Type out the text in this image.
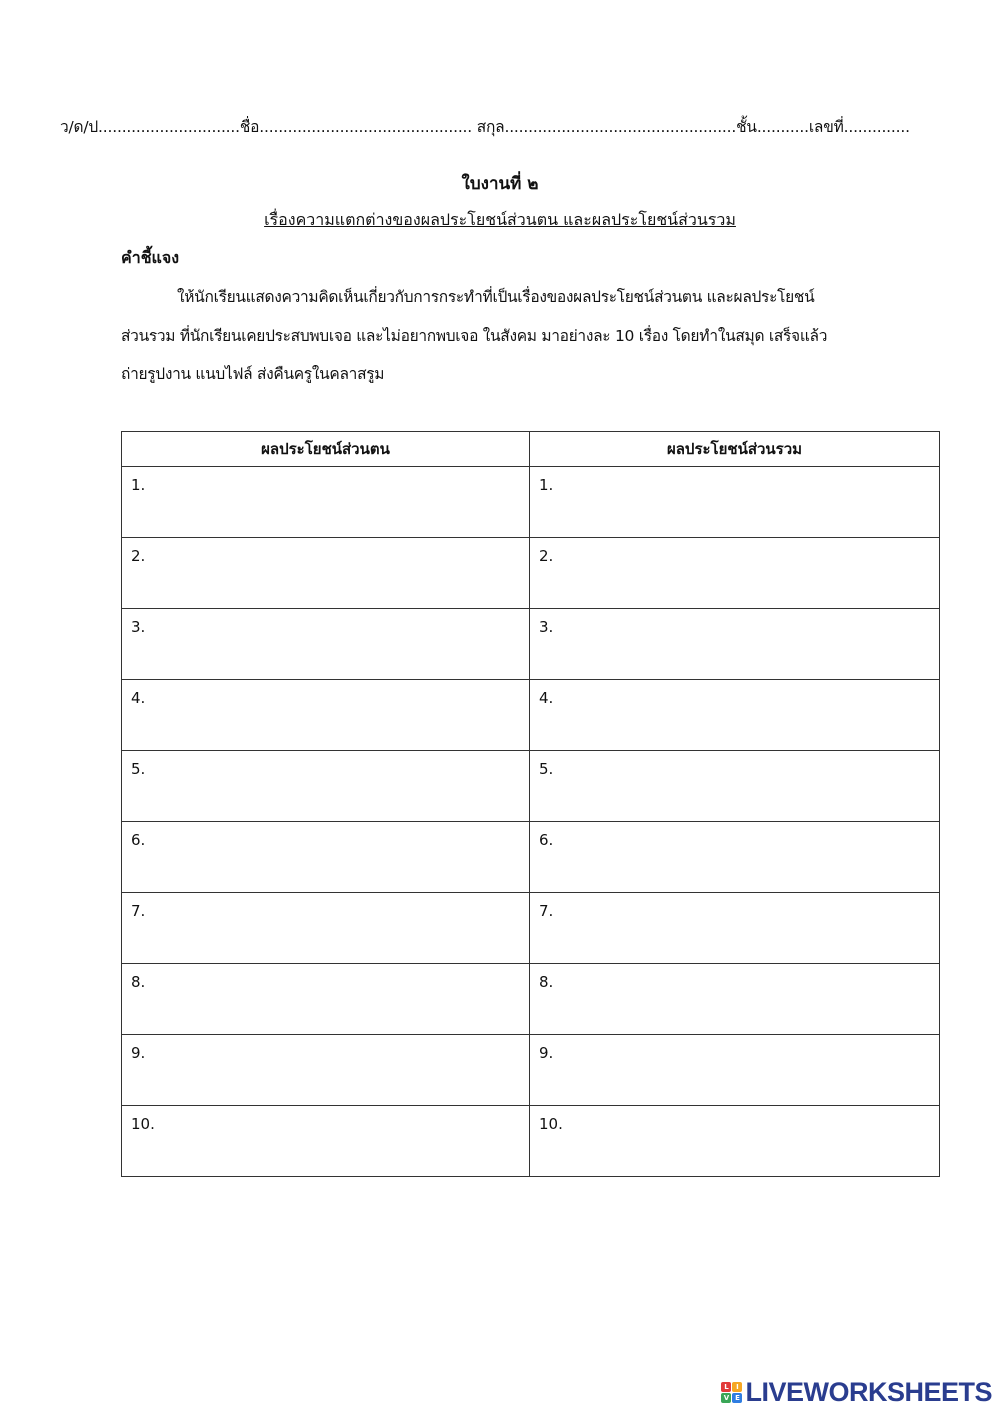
ว/ด/ป..............................ชื่อ............................................. สกุล.................................................ชั้น...........เลขที่..............
ใบงานที่ ๒
เรื่องความแตกต่างของผลประโยชน์ส่วนตน และผลประโยชน์ส่วนรวม
คำชี้แจง
ให้นักเรียนแสดงความคิดเห็นเกี่ยวกับการกระทำที่เป็นเรื่องของผลประโยชน์ส่วนตน และผลประโยชน์
ส่วนรวม ที่นักเรียนเคยประสบพบเจอ และไม่อยากพบเจอ ในสังคม มาอย่างละ 10 เรื่อง โดยทำในสมุด เสร็จแล้ว
ถ่ายรูปงาน แนบไฟล์ ส่งคืนครูในคลาสรูม
ผลประโยชน์ส่วนตน	ผลประโยชน์ส่วนรวม

1.	1.

2.	2.

3.	3.

4.	4.

5.	5.

6.	6.

7.	7.

8.	8.

9.	9.

10.	10.
L	I
V E LIVEWORKSHEETS
